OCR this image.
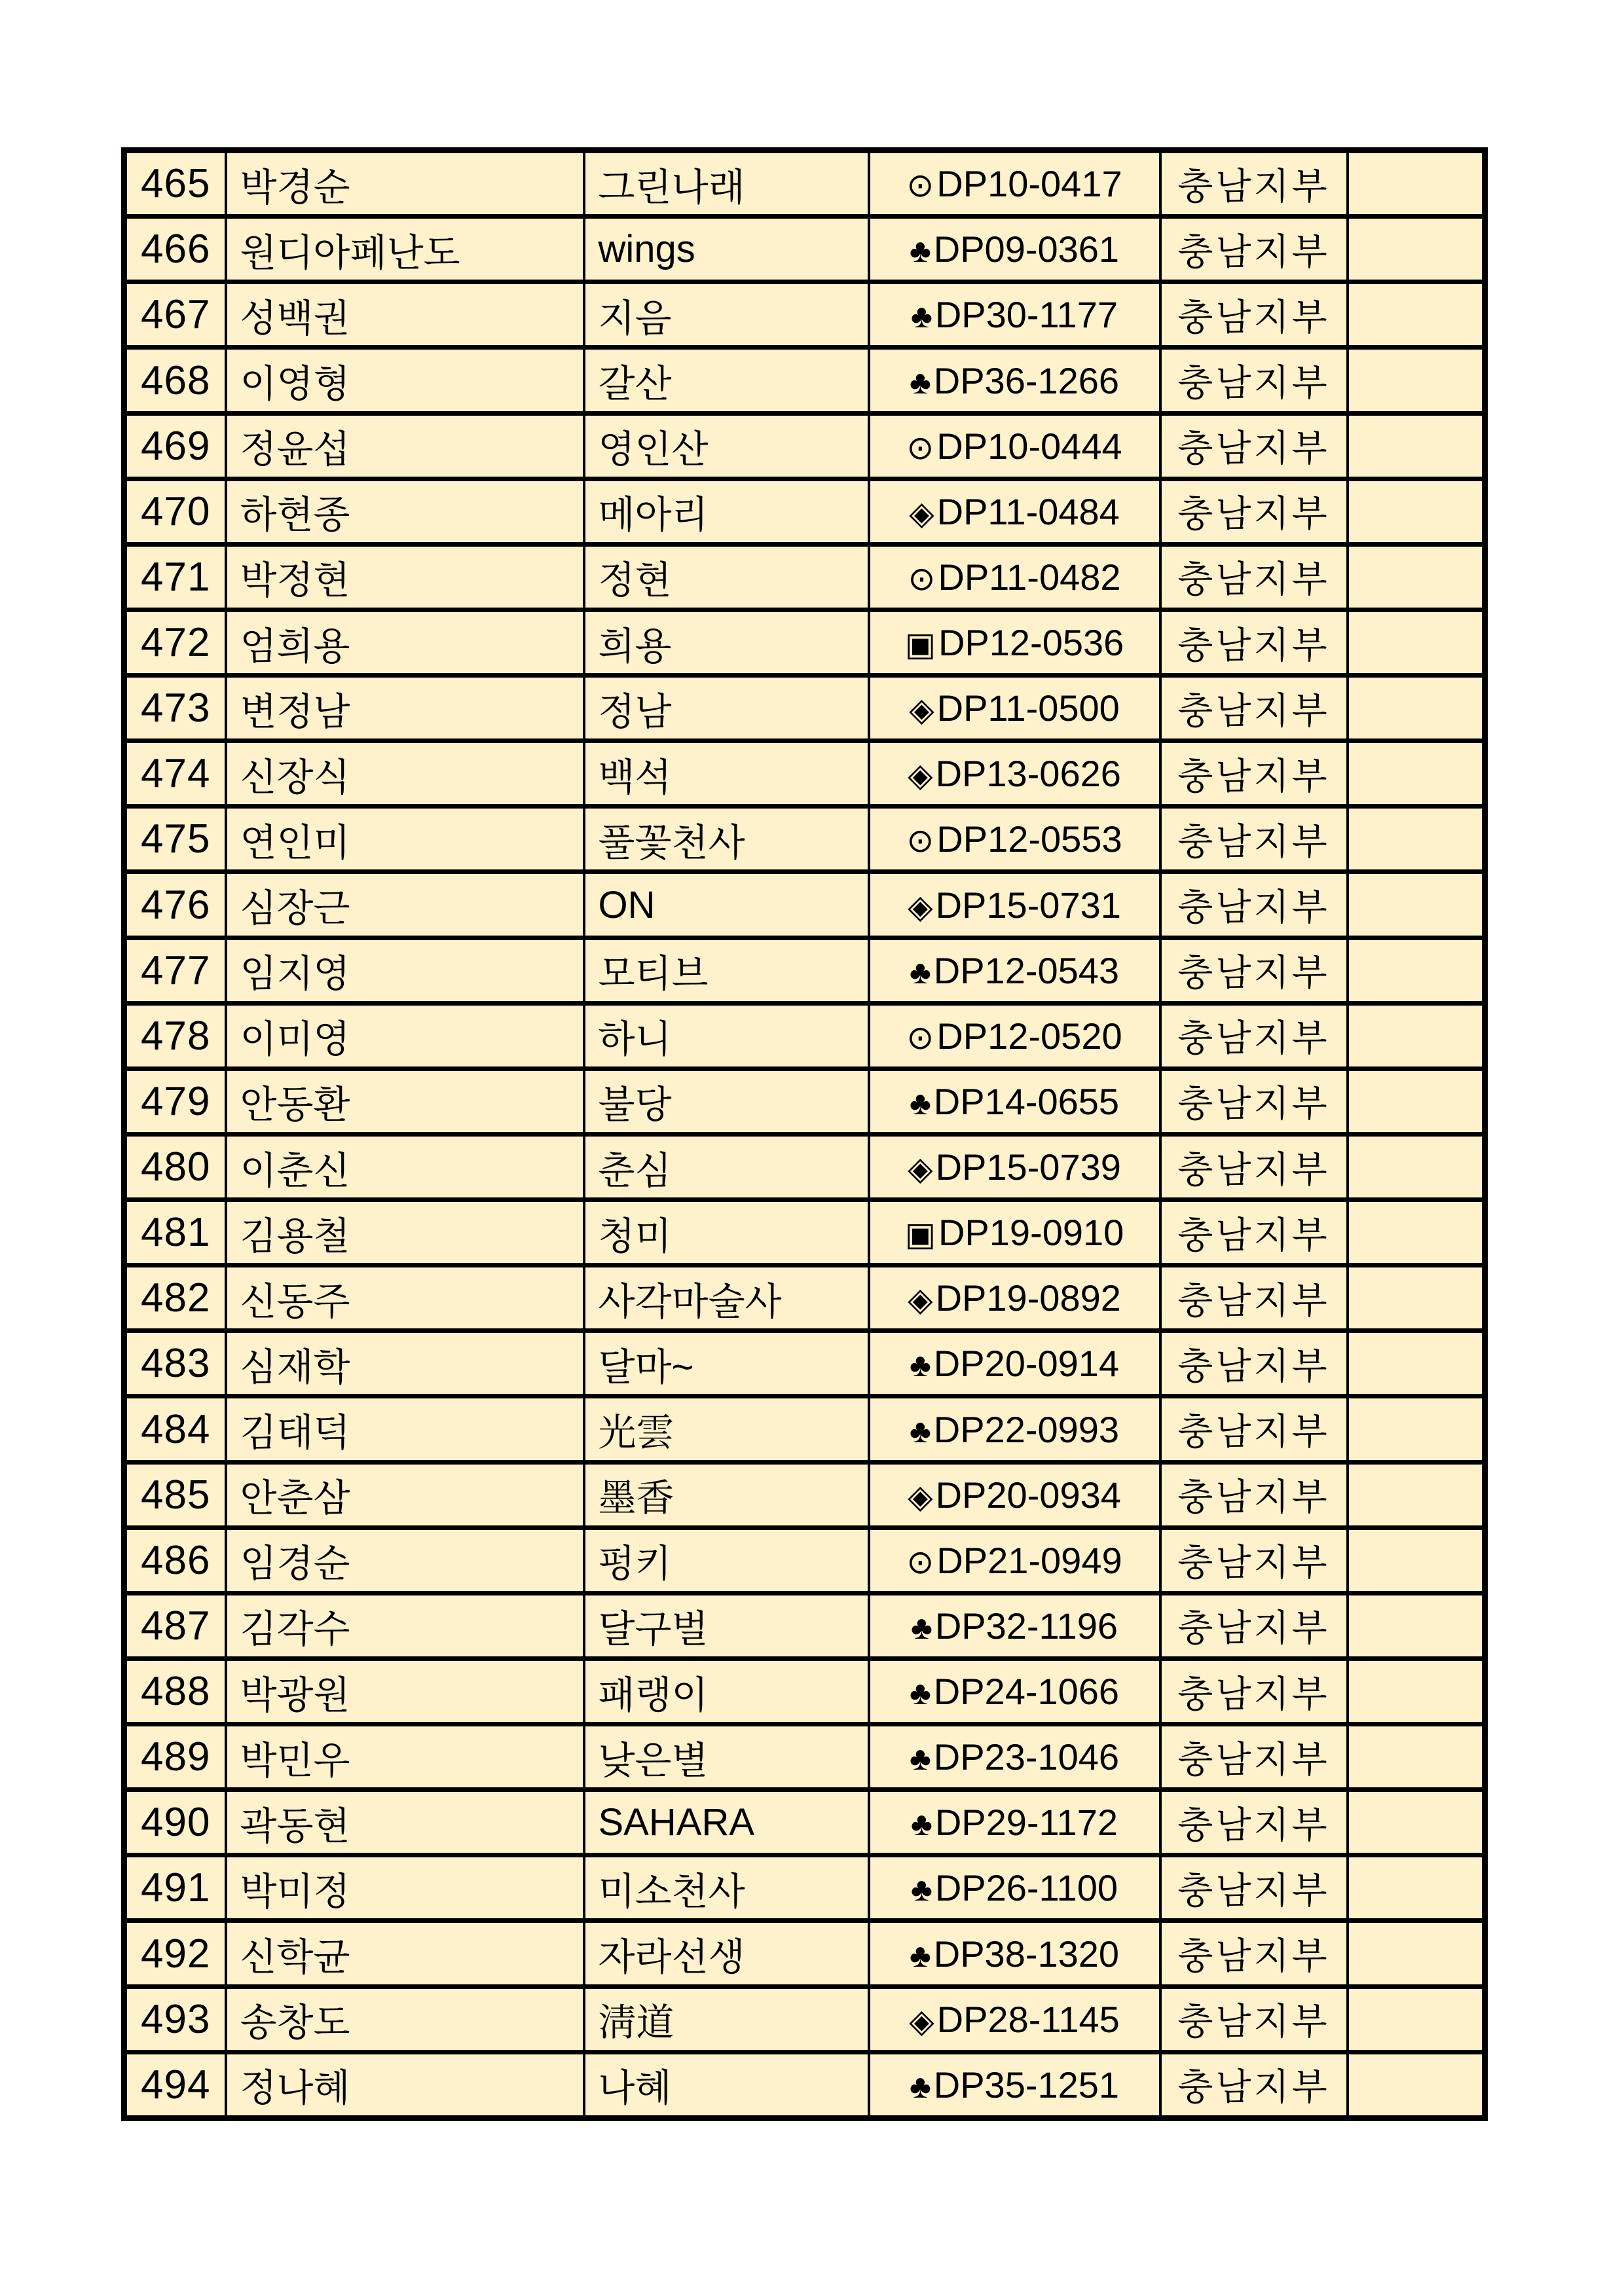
465	박경순	그린나래	⊙DP10-0417	충남지부	
466	원디아페난도	wings	♣DP09-0361	충남지부	
467	성백권	지음	♣DP30-1177	충남지부	
468	이영형	갈산	♣DP36-1266	충남지부	
469	정윤섭	영인산	⊙DP10-0444	충남지부	
470	하현종	메아리	◈DP11-0484	충남지부	
471	박정현	정현	⊙DP11-0482	충남지부	
472	엄희용	희용	▣DP12-0536	충남지부	
473	변정남	정남	◈DP11-0500	충남지부	
474	신장식	백석	◈DP13-0626	충남지부	
475	연인미	풀꽃천사	⊙DP12-0553	충남지부	
476	심장근	ON	◈DP15-0731	충남지부	
477	임지영	모티브	♣DP12-0543	충남지부	
478	이미영	하니	⊙DP12-0520	충남지부	
479	안동환	불당	♣DP14-0655	충남지부	
480	이춘신	춘심	◈DP15-0739	충남지부	
481	김용철	청미	▣DP19-0910	충남지부	
482	신동주	사각마술사	◈DP19-0892	충남지부	
483	심재학	달마~	♣DP20-0914	충남지부	
484	김태덕	光雲	♣DP22-0993	충남지부	
485	안춘삼	墨香	◈DP20-0934	충남지부	
486	임경순	펑키	⊙DP21-0949	충남지부	
487	김각수	달구벌	♣DP32-1196	충남지부	
488	박광원	패랭이	♣DP24-1066	충남지부	
489	박민우	낮은별	♣DP23-1046	충남지부	
490	곽동현	SAHARA	♣DP29-1172	충남지부	
491	박미정	미소천사	♣DP26-1100	충남지부	
492	신학균	자라선생	♣DP38-1320	충남지부	
493	송창도	淸道	◈DP28-1145	충남지부	
494	정나혜	나혜	♣DP35-1251	충남지부	
